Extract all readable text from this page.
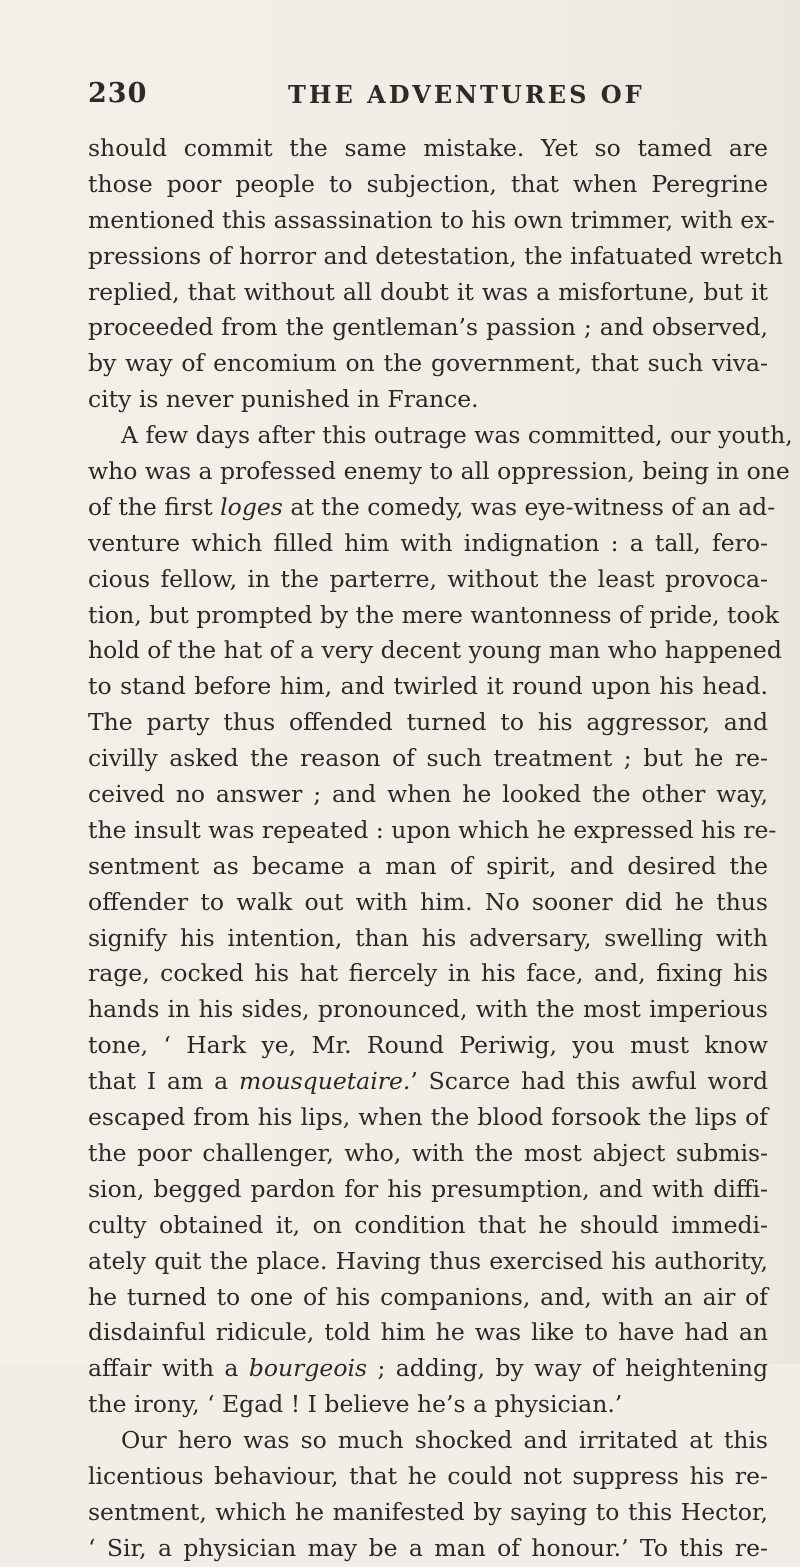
230	THE ADVENTURES OF
should commit the same mistake. Yet so tamed are
those poor people to subjection, that when Peregrine
mentioned this assassination to his own trimmer, with ex-
pressions of horror and detestation, the infatuated wretch
replied, that without all doubt it was a misfortune, but it
proceeded from the gentleman’s passion ; and observed,
by way of encomium on the government, that such viva-
city is never punished in France.
A few days after this outrage was committed, our youth,
who was a professed enemy to all oppression, being in one
of the first loges at the comedy, was eye-witness of an ad-
venture which filled him with indignation : a tall, fero-
cious fellow, in the parterre, without the least provoca-
tion, but prompted by the mere wantonness of pride, took
hold of the hat of a very decent young man who happened
to stand before him, and twirled it round upon his head.
The party thus offended turned to his aggressor, and
civilly asked the reason of such treatment ; but he re-
ceived no answer ; and when he looked the other way,
the insult was repeated : upon which he expressed his re-
sentment as became a man of spirit, and desired the
offender to walk out with him. No sooner did he thus
signify his intention, than his adversary, swelling with
rage, cocked his hat fiercely in his face, and, fixing his
hands in his sides, pronounced, with the most imperious
tone, ‘ Hark ye, Mr. Round Periwig, you must know
that I am a mousquetaire.’ Scarce had this awful word
escaped from his lips, when the blood forsook the lips of
the poor challenger, who, with the most abject submis-
sion, begged pardon for his presumption, and with diffi-
culty obtained it, on condition that he should immedi-
ately quit the place. Having thus exercised his authority,
he turned to one of his companions, and, with an air of
disdainful ridicule, told him he was like to have had an
affair with a bourgeois ; adding, by way of heightening
the irony, ‘ Egad ! I believe he’s a physician.’
Our hero was so much shocked and irritated at this
licentious behaviour, that he could not suppress his re-
sentment, which he manifested by saying to this Hector,
‘ Sir, a physician may be a man of honour.’ To this re-
